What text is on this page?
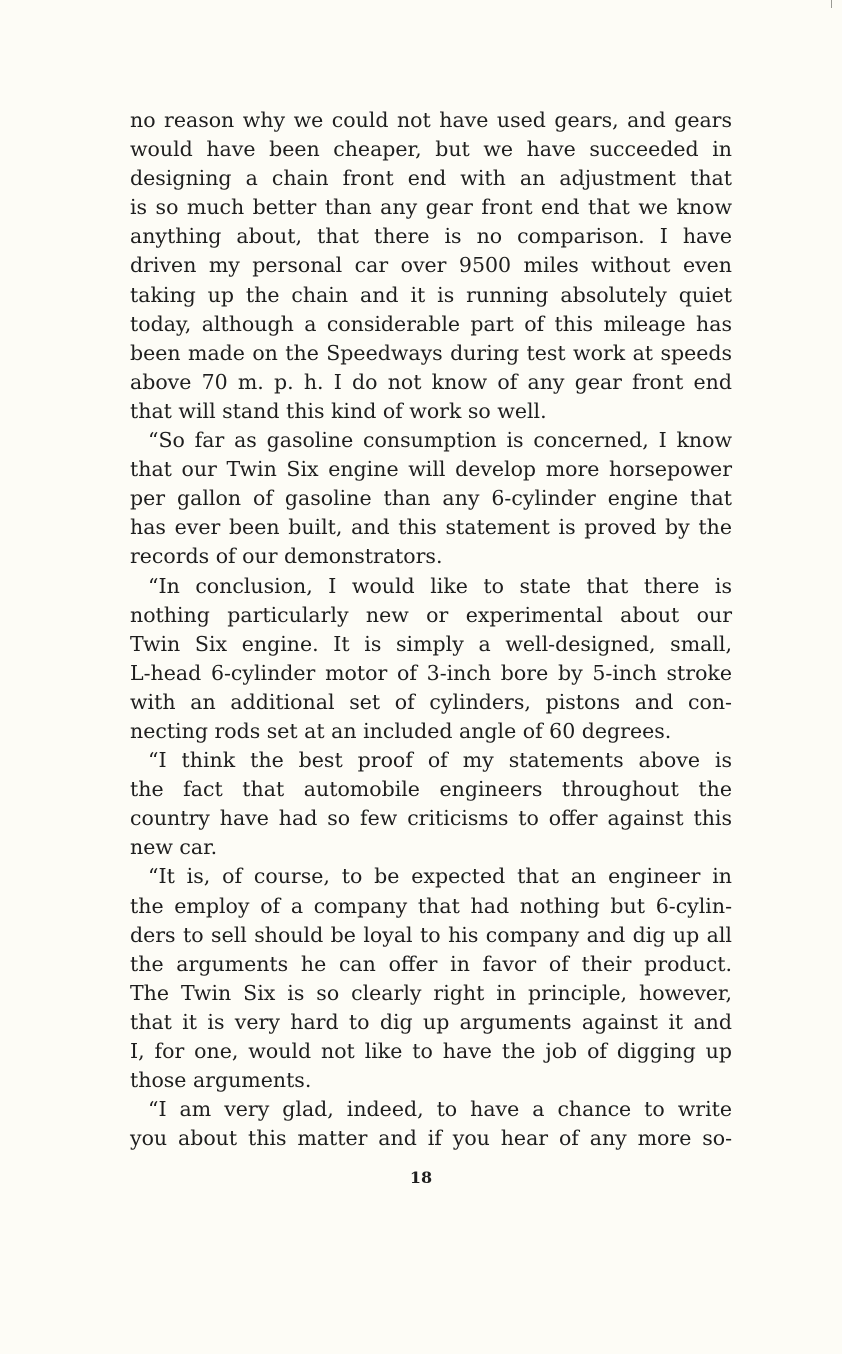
no reason why we could not have used gears, and gears
would have been cheaper, but we have succeeded in
designing a chain front end with an adjustment that
is so much better than any gear front end that we know
anything about, that there is no comparison. I have
driven my personal car over 9500 miles without even
taking up the chain and it is running absolutely quiet
today, although a considerable part of this mileage has
been made on the Speedways during test work at speeds
above 70 m. p. h. I do not know of any gear front end
that will stand this kind of work so well.
“So far as gasoline consumption is concerned, I know
that our Twin Six engine will develop more horsepower
per gallon of gasoline than any 6-cylinder engine that
has ever been built, and this statement is proved by the
records of our demonstrators.
“In conclusion, I would like to state that there is
nothing particularly new or experimental about our
Twin Six engine. It is simply a well-designed, small,
L-head 6-cylinder motor of 3-inch bore by 5-inch stroke
with an additional set of cylinders, pistons and con-
necting rods set at an included angle of 60 degrees.
“I think the best proof of my statements above is
the fact that automobile engineers throughout the
country have had so few criticisms to offer against this
new car.
“It is, of course, to be expected that an engineer in
the employ of a company that had nothing but 6-cylin-
ders to sell should be loyal to his company and dig up all
the arguments he can offer in favor of their product.
The Twin Six is so clearly right in principle, however,
that it is very hard to dig up arguments against it and
I, for one, would not like to have the job of digging up
those arguments.
“I am very glad, indeed, to have a chance to write
you about this matter and if you hear of any more so-
18
